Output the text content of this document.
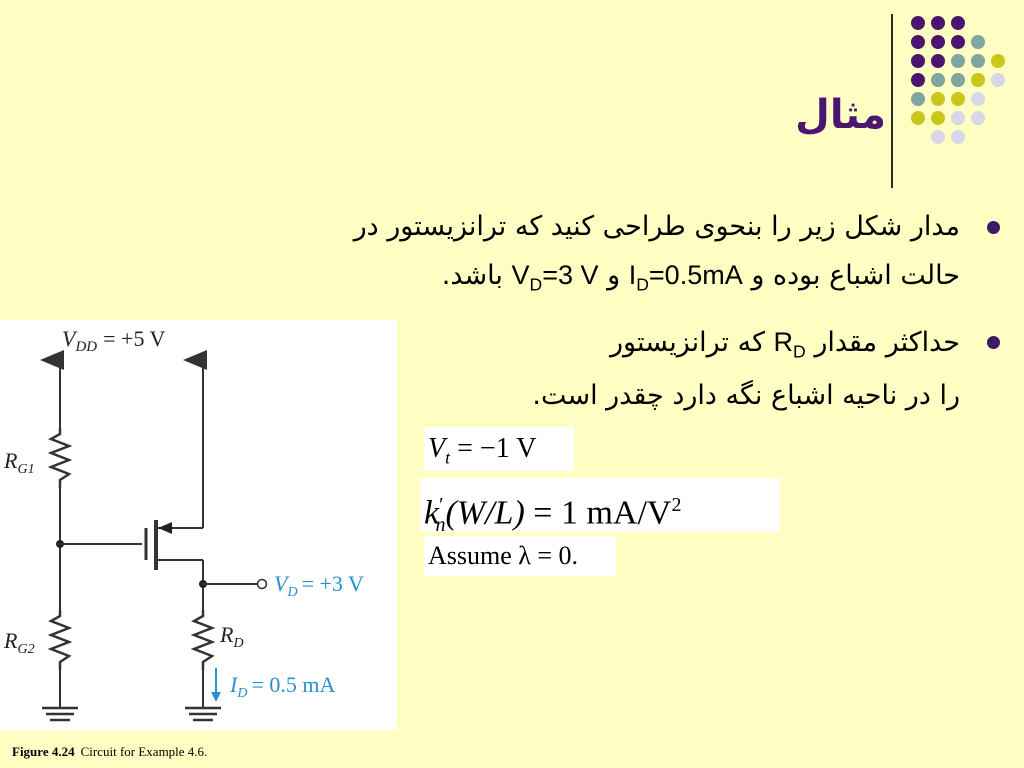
مثال
مدار شکل زیر را بنحوی طراحی کنید که ترانزیستور در
حالت اشباع بوده و $I_D=0.5mA$ و $V_D=3$ V باشد.
حداکثر مقدار $R_D$ که ترانزیستور
را در ناحیه اشباع نگه دارد چقدر است.
$V_{DD} = +5$ V
$R_{G1}$
$V_D = +3$ V
$R_{G2}$
$R_D$
$I_D = 0.5$ mA
Figure 4.24 Circuit for Example 4.6.
$V_t = -1$ V
$k'_n(W/L) = 1$ $mA/V^2$
Assume λ = 0.
